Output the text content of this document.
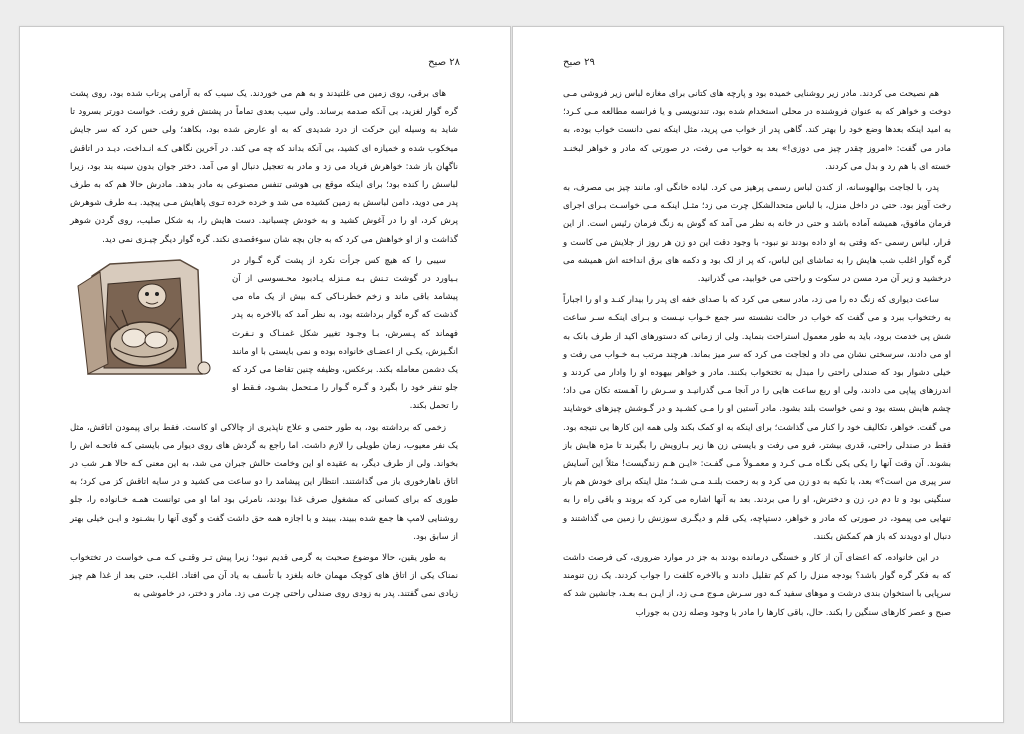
۲۸ صبح

های برقی، روی زمین می غلتیدند و به هم می خوردند. یک سیب که به آرامی پرتاب شده بود، روی پشت گره گوار لغزید، بی آنکه صدمه برساند. ولی سیب بعدی تماماً در پشتش فرو رفت. خواست دورتر بسرود تا شاید به وسیله این حرکت از درد شدیدی که به او عارض شده بود، بکاهد؛ ولی حس کرد که سر جایش میخکوب شده و خمیازه ای کشید، بی آنکه بداند که چه می کند. در آخرین نگاهی کـه انـداخت، دیـد در اتاقش ناگهان باز شد: خواهرش فریاد می زد و مادر به تعجیل دنبال او می آمد. دختر جوان بدون سینه بند بود، زیرا لباسش را کنده بود؛ برای اینکه موقع بی هوشی تنفس مصنوعی به مادر بدهد. مادرش حالا هم که به طرف پدر می دوید، دامن لباسش به زمین کشیده می شد و خرده خرده تـوی پاهایش مـی پیچید. بـه طرف شوهرش پرش کرد، او را در آغوش کشید و به خودش چسبانید. دست هایش را، به شکل صلیب، روی گردن شوهر گذاشت و از او خواهش می کرد که به جان بچه شان سوءقصدی نکند. گره گوار دیگر چیـزی نمی دید.

سیبی را که هیچ کس جرأت نکرد از پشت گره گـوار در بـیاورد در گوشت تـنش بـه مـنزله یـادبود محـسوسی از آن پیشامد باقی ماند و زخم خطرنـاکی کـه بیش از یک ماه می گذشت که گره گوار برداشته بود، به نظر آمد که بالاخره به پدر فهماند که پـسرش، بـا وجـود تغییر شکل غمنـاک و نـفرت انگـیزش، یکـی از اعضـای خانواده بوده و نمی بایستی با او مانند یک دشمن معامله بکند. برعکس، وظیفه چنین تقاضا می کرد که جلو تنفر خود را بگیرد و گـره گـوار را مـتحمل بشـود، فـقط او را تحمل بکند.

زخمی که برداشته بود، به طور حتمی و علاج ناپذیری از چالاکی او کاست. فقط برای پیمودن اتاقش، مثل یک نفر معیوب، زمان طویلی را لازم داشت. اما راجع به گردش های روی دیوار می بایستی کـه فاتحـه اش را بخواند. ولی از طرف دیگر، به عقیده او این وخامت حالش جبران می شد، به این معنی کـه حالا هـر شب در اتاق ناهارخوری باز می گذاشتند. انتظار این پیشامد را دو ساعت می کشید و در سایه اتاقش کز می کرد؛ به طوری که برای کسانی که مشغول صرف غذا بودند، نامرئی بود اما او می توانست همـه خـانواده را، جلو روشنایی لامپ ها جمع شده ببیند، ببیند و با اجازه همه حق داشت گفت و گوی آنها را بشـنود و ایـن خیلی بهتر از سابق بود.

به طور یقین، حالا موضوع صحبت به گرمی قدیم نبود؛ زیرا پیش تـر وقتـی کـه مـی خواست در تختخواب نمناک یکی از اتاق های کوچک مهمان خانه بلغزد با تأسف به یاد آن می افتاد. اغلب، حتی بعد از غذا هم چیز زیادی نمی گفتند. پدر به زودی روی صندلی راحتی چرت می زد. مادر و دختر، در خاموشی به

۲۹ صبح

هم نصیحت می کردند. مادر زیر روشنایی خمیده بود و پارچه های کتانی برای مغازه لباس زیر فروشی مـی دوخت و خواهر که به عنوان فروشنده در محلی استخدام شده بود، تندنویسی و یا فرانسه مطالعه مـی کـرد؛ به امید اینکه بعدها وضع خود را بهتر کند. گاهی پدر از خواب می پرید، مثل اینکه نمی دانست خواب بوده، به مادر می گفت: «امروز چقدر چیز می دوزی!» بعد به خواب می رفت، در صورتی که مادر و خواهر لبخنـد خسته ای با هم رد و بدل می کردند.

پدر، با لجاجت بوالهوسانه، از کندن لباس رسمی پرهیز می کرد. لباده خانگی او، مانند چیز بی مصرف، به رخت آویز بود. حتی در داخل منزل، با لباس متحدالشکل چرت می زد؛ مثـل اینکـه مـی خواسـت بـرای اجرای فرمان مافوق، همیشه آماده باشد و حتی در خانه به نظر می آمد که گوش به زنگ فرمان رئیس است. از این قرار، لباس رسمی -که وقتی به او داده بودند نو نبود- با وجود دقت این دو زن هر روز از جلایش می کاست و گره گوار اغلب شب هایش را به تماشای این لباس، که پر از لک بود و دکمه های برق انداخته اش همیشه می درخشید و زیر آن مرد مسن در سکوت و راحتی می خوابید، می گذرانید.

ساعت دیواری که زنگ ده را می زد، مادر سعی می کرد که با صدای خفه ای پدر را بیدار کنـد و او را اجباراً به رختخواب ببرد و می گفت که خواب در حالت نشسته سر جمع خـواب نیـست و بـرای اینکـه سـر ساعت شش پی خدمت برود، باید به طور معمول استراحت بنماید. ولی از زمانی که دستورهای اکید از طرف بانک به او می دادند، سرسختی نشان می داد و لجاجت می کرد که سر میز بماند. هرچند مرتب بـه خـواب می رفت و خیلی دشوار بود که صندلی راحتی را مبدل به تختخواب بکنند. مادر و خواهر بیهوده او را وادار می کردند و اندرزهای پیاپی می دادند، ولی او ربع ساعت هایی را در آنجا مـی گذرانیـد و سـرش را آهـسته تکان می داد؛ چشم هایش بسته بود و نمی خواست بلند بشود. مادر آستین او را مـی کشـید و در گـوشش چیزهای خوشایند می گفت. خواهر، تکالیف خود را کنار می گذاشت؛ برای اینکه به او کمک بکند ولی همه این کارها بی نتیجه بود. فقط در صندلی راحتی، قدری بیشتر، فرو می رفت و بایستی زن ها زیر بـازویش را بگیرند تا مژه هایش باز بشوند. آن وقت آنها را یکی یکی نگـاه مـی کـرد و معمـولاً مـی گفـت: «ایـن هـم زندگیست! مثلاً این آسایش سر پیری من است؟» بعد، با تکیه به دو زن می کرد و به زحمت بلنـد مـی شـد؛ مثل اینکه برای خودش هم بار سنگینی بود و تا دم در، زن و دخترش، او را می بردند. بعد به آنها اشاره می کرد که بروند و باقی راه را به تنهایی می پیمود، در صورتی که مادر و خواهر، دستپاچه، یکی قلم و دیگـری سوزنش را زمین می گذاشتند و دنبال او دویدند که باز هم کمکش بکنند.

در این خانواده، که اعضای آن از کار و خستگی درمانده بودند به جز در موارد ضروری، کی فرصت داشت که به فکر گره گوار باشد؟ بودجه منزل را کم کم تقلیل دادند و بالاخره کلفت را جواب کردند. یک زن تنومند سرپایی با استخوان بندی درشت و موهای سفید کـه دور سـرش مـوج مـی زد، از ایـن بـه بعـد، جانشین شد که صبح و عصر کارهای سنگین را بکند. حال، باقی کارها را مادر با وجود وصله زدن به جوراب
